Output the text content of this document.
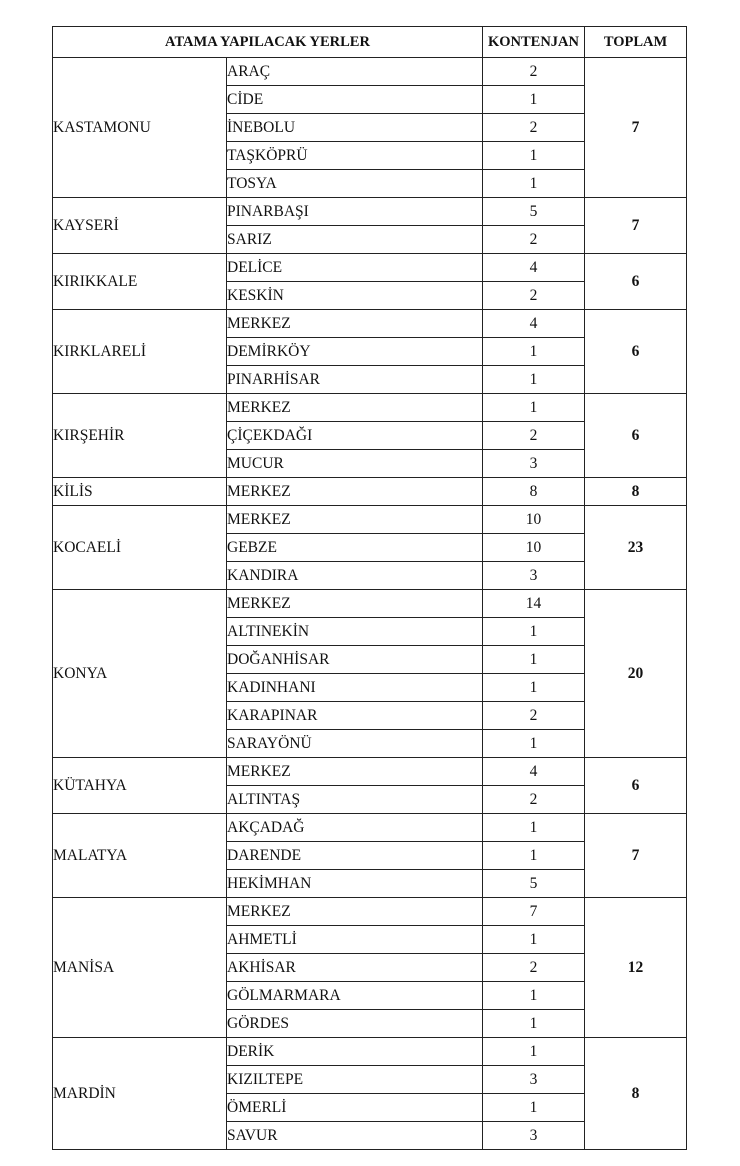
ATAMA YAPILACAK YERLER		KONTENJAN	TOPLAM
KASTAMONU	ARAÇ	2	7
	CİDE	1	
	İNEBOLU	2	
	TAŞKÖPRÜ	1	
	TOSYA	1	
KAYSERİ	PINARBAŞI	5	7
	SARIZ	2	
KIRIKKALE	DELİCE	4	6
	KESKİN	2	
KIRKLARELİ	MERKEZ	4	6
	DEMİRKÖY	1	
	PINARHİSAR	1	
KIRŞEHİR	MERKEZ	1	6
	ÇİÇEKDAĞI	2	
	MUCUR	3	
KİLİS	MERKEZ	8	8
KOCAELİ	MERKEZ	10	23
	GEBZE	10	
	KANDIRA	3	
KONYA	MERKEZ	14	20
	ALTINEKİN	1	
	DOĞANHİSAR	1	
	KADINHANI	1	
	KARAPINAR	2	
	SARAYÖNÜ	1	
KÜTAHYA	MERKEZ	4	6
	ALTINTAŞ	2	
MALATYA	AKÇADAĞ	1	7
	DARENDE	1	
	HEKİMHAN	5	
MANİSA	MERKEZ	7	12
	AHMETLİ	1	
	AKHİSAR	2	
	GÖLMARMARA	1	
	GÖRDES	1	
MARDİN	DERİK	1	8
	KIZILTEPE	3	
	ÖMERLİ	1	
	SAVUR	3	
